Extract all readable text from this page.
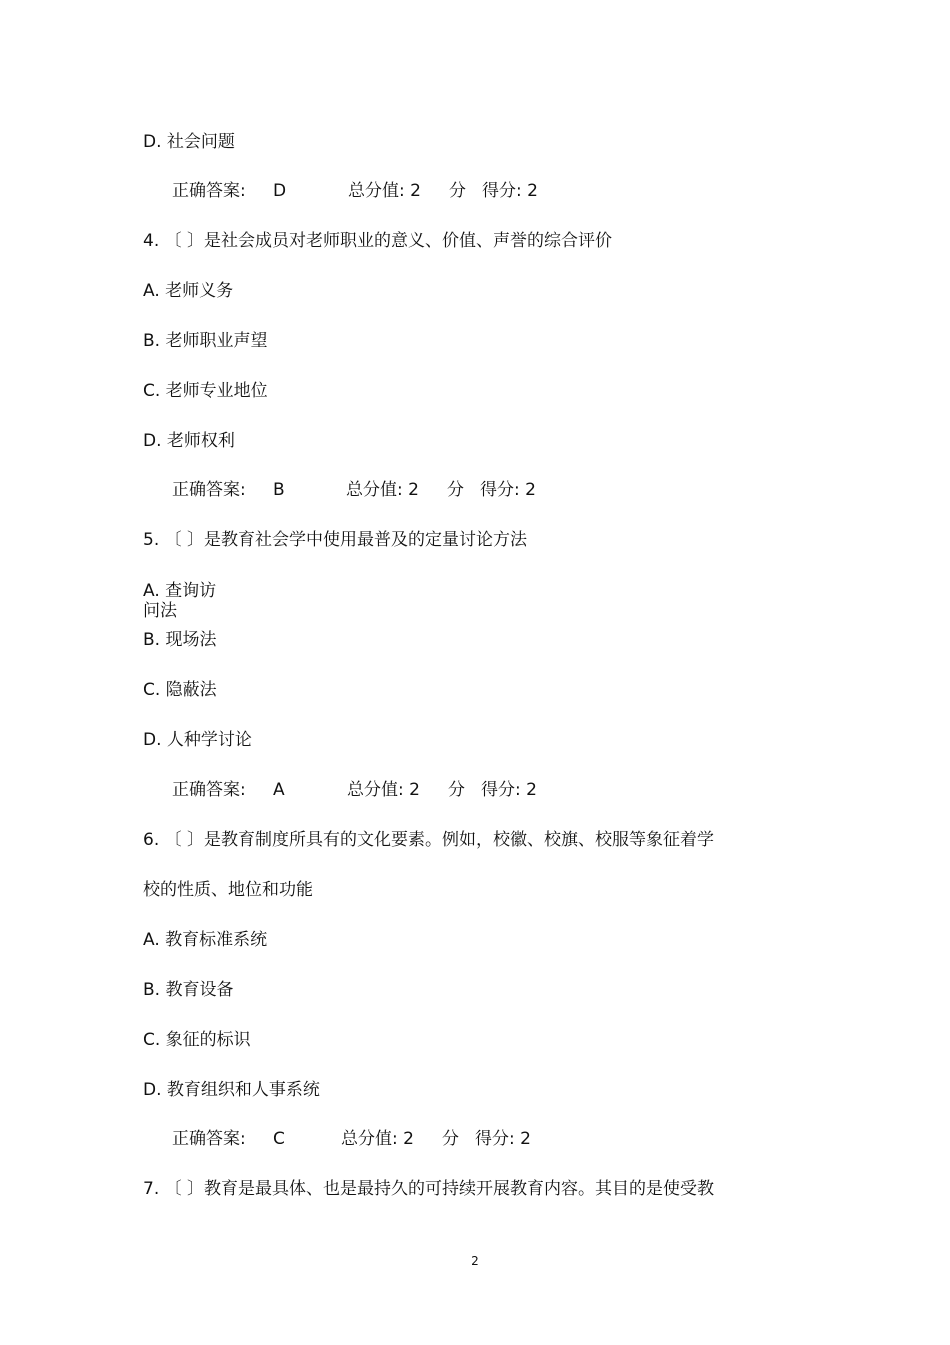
D. 社会问题
正确答案: D	总分值: 2 分 得分: 2
4. 〔 〕是社会成员对老师职业的意义、价值、声誉的综合评价
A. 老师义务
B. 老师职业声望
C. 老师专业地位
D. 老师权利
正确答案: B	总分值: 2 分 得分: 2
5. 〔 〕是教育社会学中使用最普及的定量讨论方法
A. 查询访
问法
B. 现场法
C. 隐蔽法
D. 人种学讨论
正确答案: A	总分值: 2 分 得分: 2
6. 〔 〕是教育制度所具有的文化要素。例如，校徽、校旗、校服等象征着学
校的性质、地位和功能
A. 教育标准系统
B. 教育设备
C. 象征的标识
D. 教育组织和人事系统
正确答案: C	总分值: 2 分 得分: 2
7. 〔 〕教育是最具体、也是最持久的可持续开展教育内容。其目的是使受教
2
